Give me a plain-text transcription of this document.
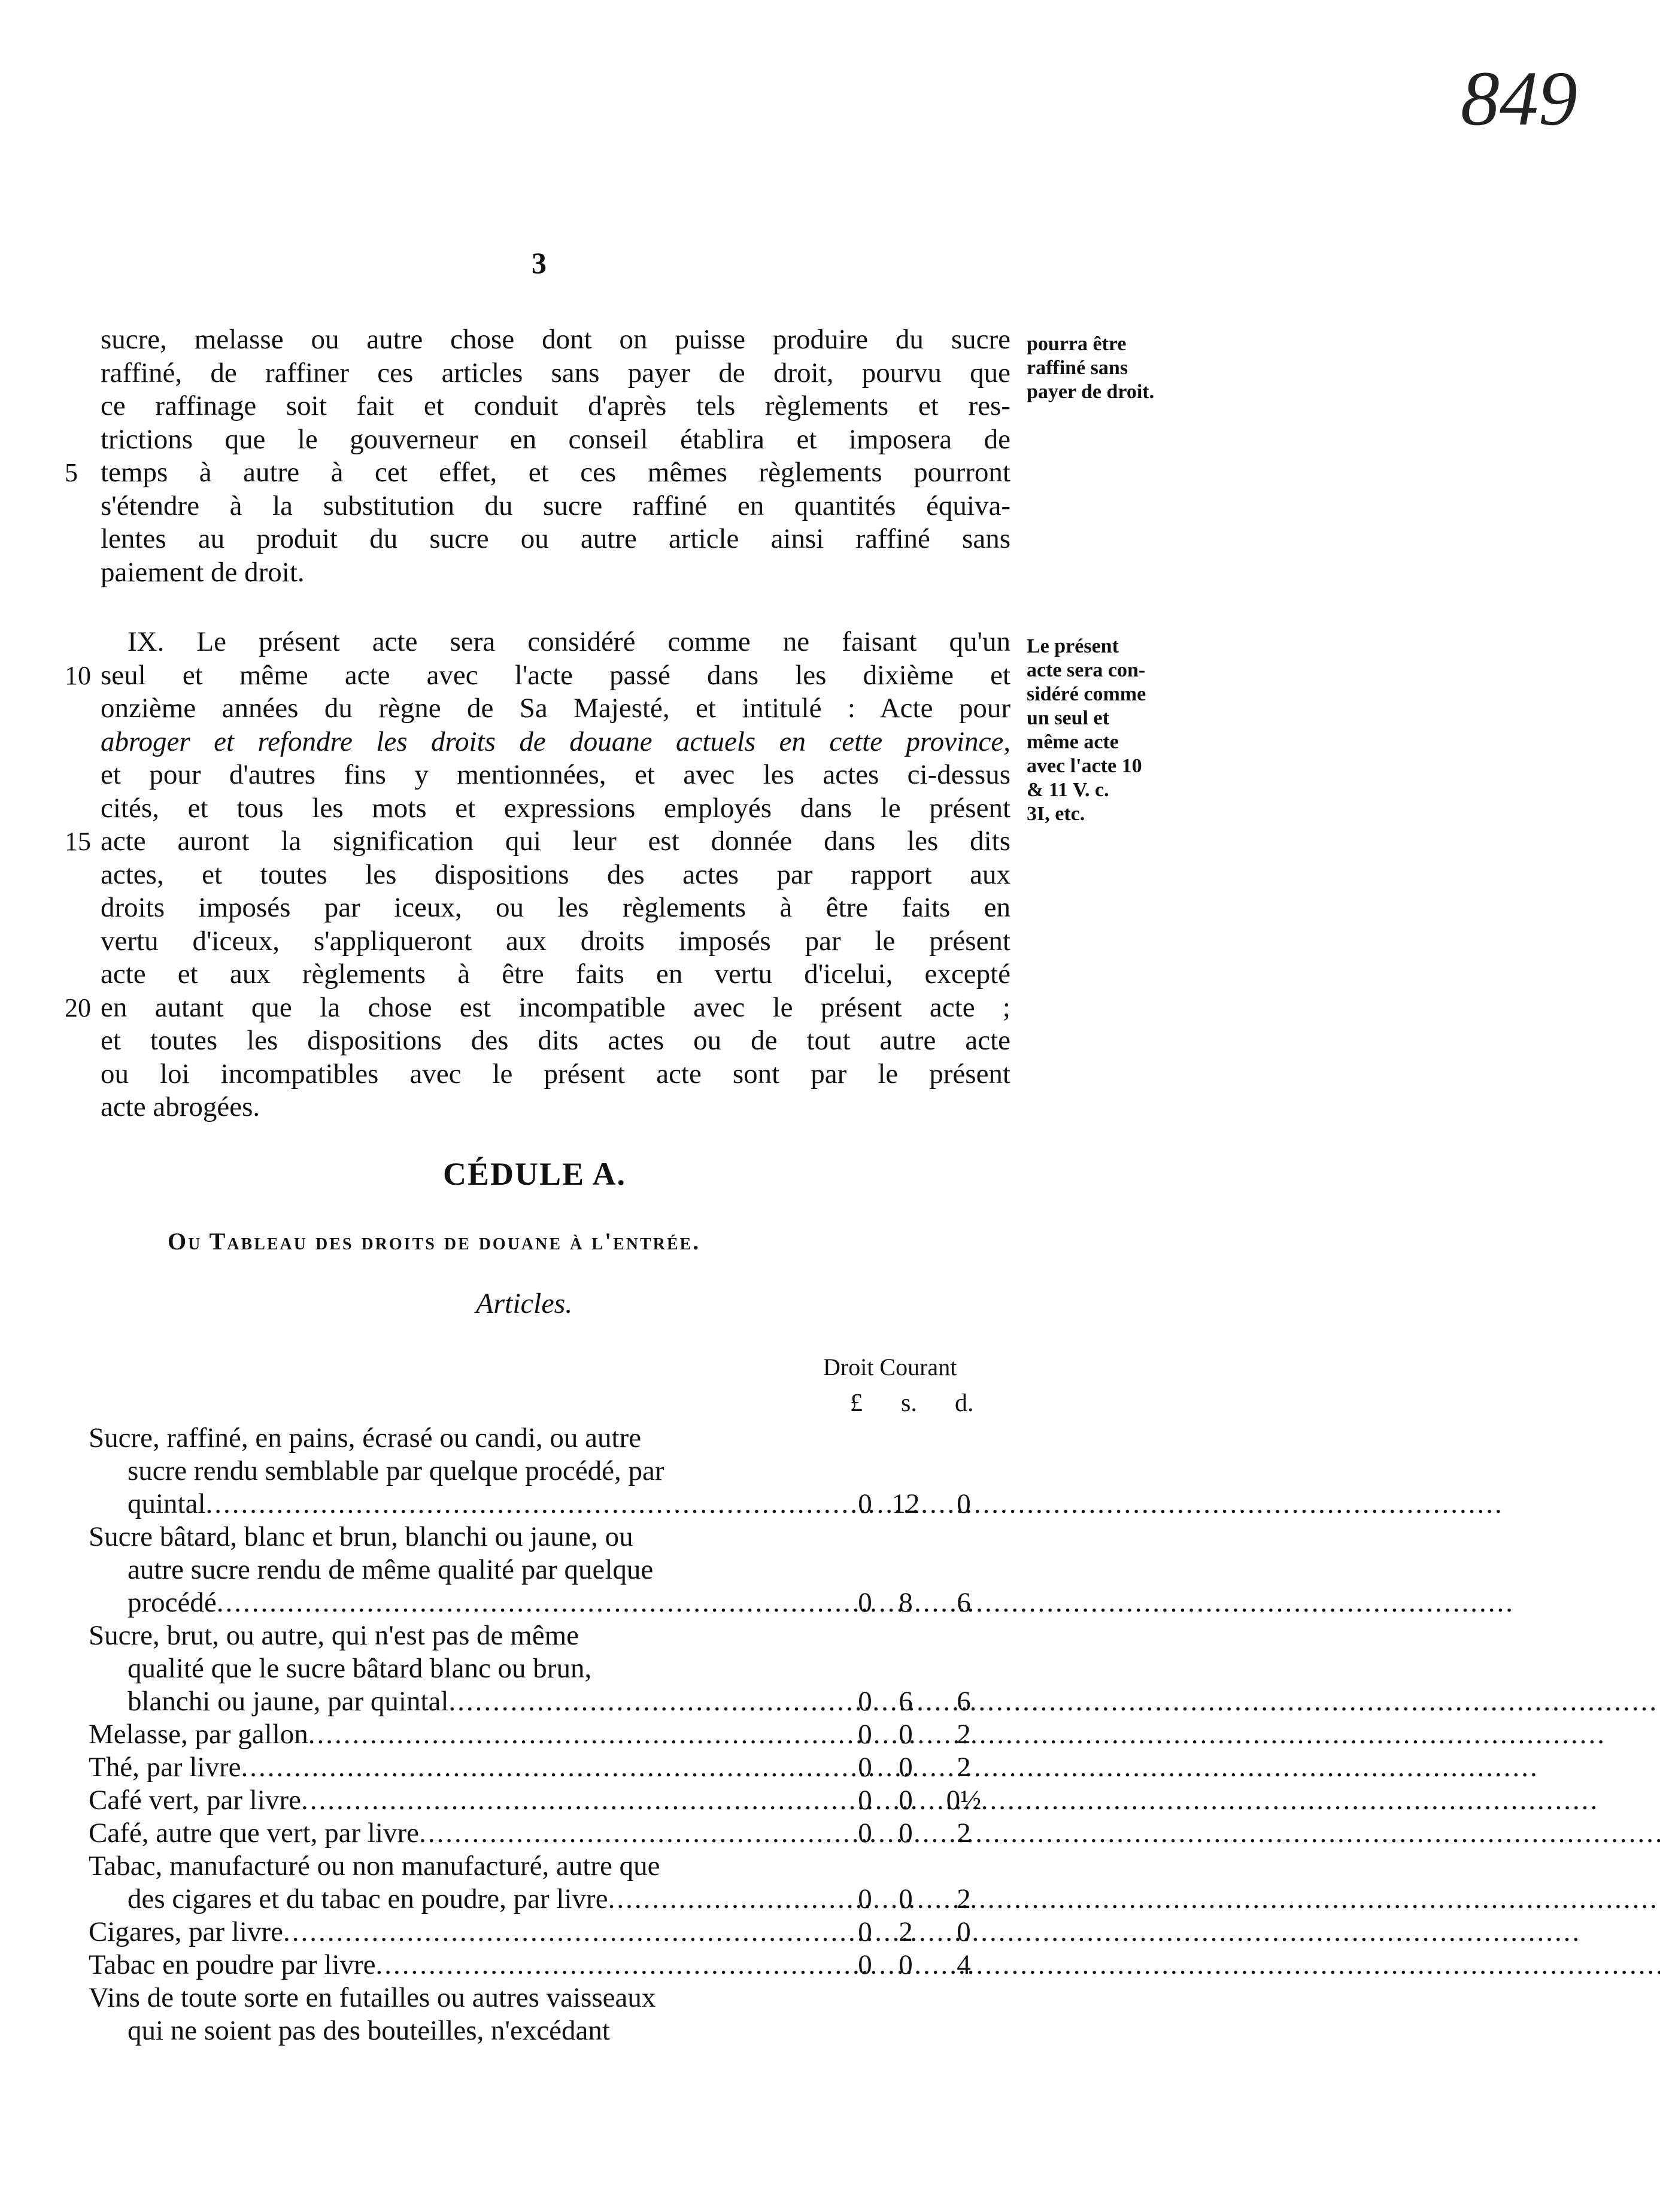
849
3
sucre, melasse ou autre chose dont on puisse produire du sucre
raffiné, de raffiner ces articles sans payer de droit, pourvu que
ce raffinage soit fait et conduit d'après tels règlements et res-
trictions que le gouverneur en conseil établira et imposera de
5 temps à autre à cet effet, et ces mêmes règlements pourront
s'étendre à la substitution du sucre raffiné en quantités équiva-
lentes au produit du sucre ou autre article ainsi raffiné sans
paiement de droit.
pourra être
raffiné sans
payer de droit.
IX. Le présent acte sera considéré comme ne faisant qu'un
10 seul et même acte avec l'acte passé dans les dixième et
onzième années du règne de Sa Majesté, et intitulé : Acte pour
abroger et refondre les droits de douane actuels en cette province,
et pour d'autres fins y mentionnées, et avec les actes ci-dessus
cités, et tous les mots et expressions employés dans le présent
15 acte auront la signification qui leur est donnée dans les dits
actes, et toutes les dispositions des actes par rapport aux
droits imposés par iceux, ou les règlements à être faits en
vertu d'iceux, s'appliqueront aux droits imposés par le présent
acte et aux règlements à être faits en vertu d'icelui, excepté
20 en autant que la chose est incompatible avec le présent acte ;
et toutes les dispositions des dits actes ou de tout autre acte
ou loi incompatibles avec le présent acte sont par le présent
acte abrogées.
Le présent
acte sera con-
sidéré comme
un seul et
même acte
avec l'acte 10
& 11 V. c.
3I, etc.
CÉDULE A.
Ou Tableau des droits de douane à l'entrée.
Articles.
Droit Courant
£ s. d.
Sucre, raffiné, en pains, écrasé ou candi, ou autre
sucre rendu semblable par quelque procédé, par
quintal .....	0 12	0
Sucre bâtard, blanc et brun, blanchi ou jaune, ou
autre sucre rendu de même qualité par quelque
procédé .....	0 8	6
Sucre, brut, ou autre, qui n'est pas de même
qualité que le sucre bâtard blanc ou brun,
blanchi ou jaune, par quintal .....	0 6	6
Melasse, par gallon .....	0 0	2
Thé, par livre .....	0 0	2
Café vert, par livre .....	0 0	0½
Café, autre que vert, par livre .....	0 0	2
Tabac, manufacturé ou non manufacturé, autre que
des cigares et du tabac en poudre, par livre .....	0 0	2
Cigares, par livre .....	0 2	0
Tabac en poudre par livre .....	0 0	4
Vins de toute sorte en futailles ou autres vaisseaux
qui ne soient pas des bouteilles, n'excédant
